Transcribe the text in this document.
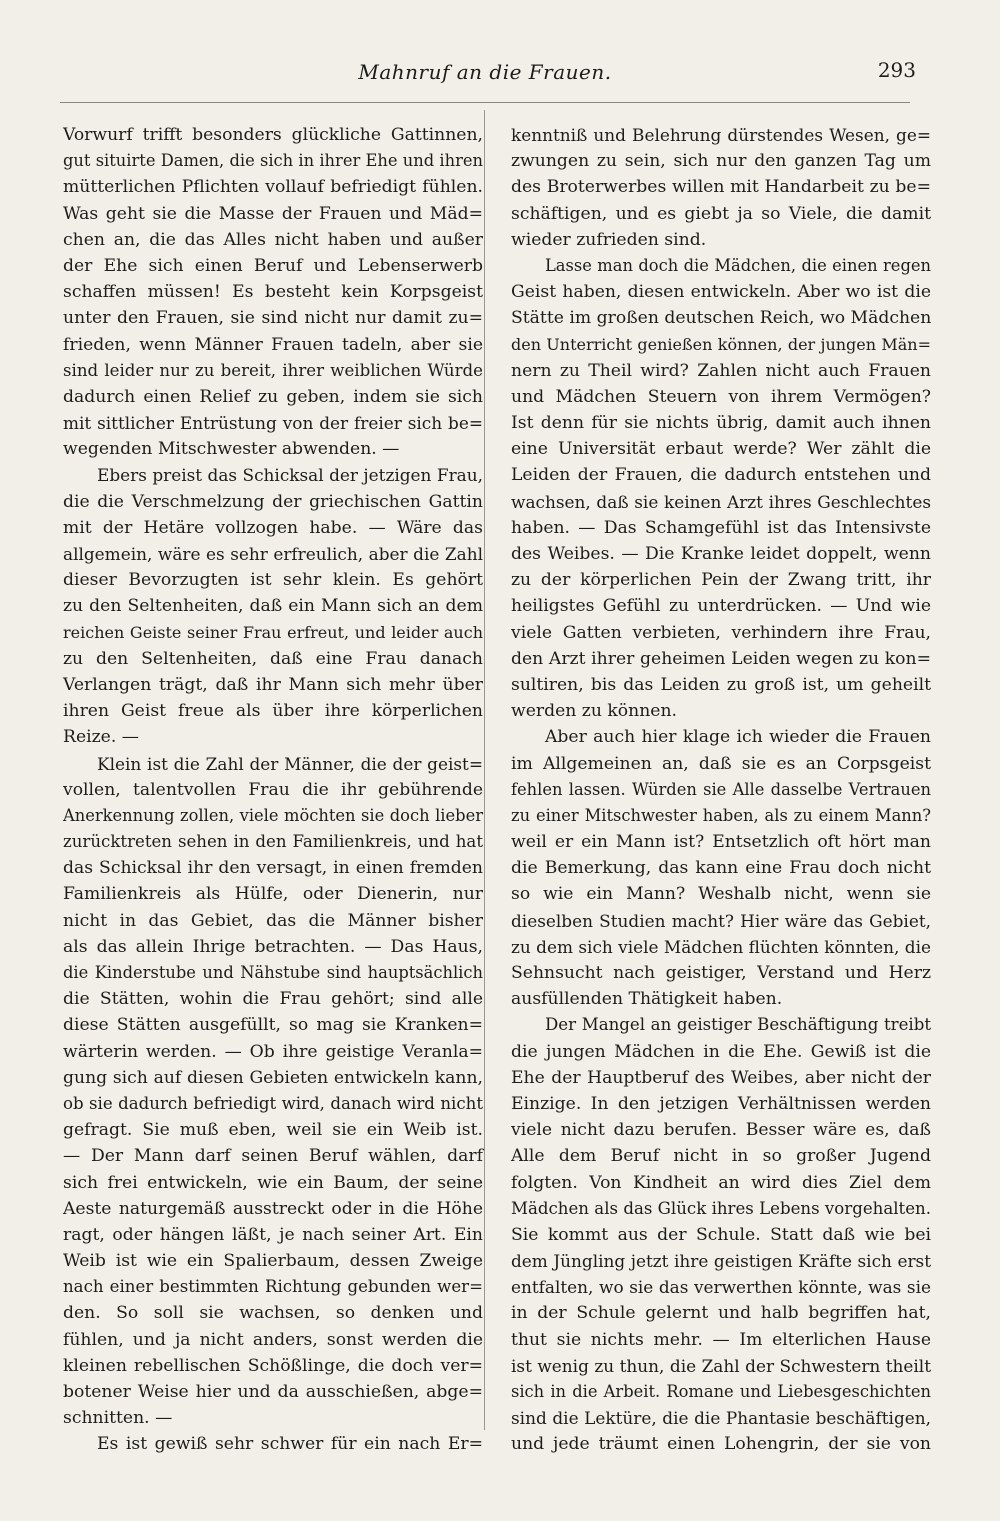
Mahnruf an die Frauen.	293
Vorwurf trifft besonders glückliche Gattinnen,
gut situirte Damen, die sich in ihrer Ehe und ihren
mütterlichen Pflichten vollauf befriedigt fühlen.
Was geht sie die Masse der Frauen und Mäd=
chen an, die das Alles nicht haben und außer
der Ehe sich einen Beruf und Lebenserwerb
schaffen müssen! Es besteht kein Korpsgeist
unter den Frauen, sie sind nicht nur damit zu=
frieden, wenn Männer Frauen tadeln, aber sie
sind leider nur zu bereit, ihrer weiblichen Würde
dadurch einen Relief zu geben, indem sie sich
mit sittlicher Entrüstung von der freier sich be=
wegenden Mitschwester abwenden. —
Ebers preist das Schicksal der jetzigen Frau,
die die Verschmelzung der griechischen Gattin
mit der Hetäre vollzogen habe. — Wäre das
allgemein, wäre es sehr erfreulich, aber die Zahl
dieser Bevorzugten ist sehr klein. Es gehört
zu den Seltenheiten, daß ein Mann sich an dem
reichen Geiste seiner Frau erfreut, und leider auch
zu den Seltenheiten, daß eine Frau danach
Verlangen trägt, daß ihr Mann sich mehr über
ihren Geist freue als über ihre körperlichen
Reize. —
Klein ist die Zahl der Männer, die der geist=
vollen, talentvollen Frau die ihr gebührende
Anerkennung zollen, viele möchten sie doch lieber
zurücktreten sehen in den Familienkreis, und hat
das Schicksal ihr den versagt, in einen fremden
Familienkreis als Hülfe, oder Dienerin, nur
nicht in das Gebiet, das die Männer bisher
als das allein Ihrige betrachten. — Das Haus,
die Kinderstube und Nähstube sind hauptsächlich
die Stätten, wohin die Frau gehört; sind alle
diese Stätten ausgefüllt, so mag sie Kranken=
wärterin werden. — Ob ihre geistige Veranla=
gung sich auf diesen Gebieten entwickeln kann,
ob sie dadurch befriedigt wird, danach wird nicht
gefragt. Sie muß eben, weil sie ein Weib ist.
— Der Mann darf seinen Beruf wählen, darf
sich frei entwickeln, wie ein Baum, der seine
Aeste naturgemäß ausstreckt oder in die Höhe
ragt, oder hängen läßt, je nach seiner Art. Ein
Weib ist wie ein Spalierbaum, dessen Zweige
nach einer bestimmten Richtung gebunden wer=
den. So soll sie wachsen, so denken und
fühlen, und ja nicht anders, sonst werden die
kleinen rebellischen Schößlinge, die doch ver=
botener Weise hier und da ausschießen, abge=
schnitten. —
Es ist gewiß sehr schwer für ein nach Er=
kenntniß und Belehrung dürstendes Wesen, ge=
zwungen zu sein, sich nur den ganzen Tag um
des Broterwerbes willen mit Handarbeit zu be=
schäftigen, und es giebt ja so Viele, die damit
wieder zufrieden sind.
Lasse man doch die Mädchen, die einen regen
Geist haben, diesen entwickeln. Aber wo ist die
Stätte im großen deutschen Reich, wo Mädchen
den Unterricht genießen können, der jungen Män=
nern zu Theil wird? Zahlen nicht auch Frauen
und Mädchen Steuern von ihrem Vermögen?
Ist denn für sie nichts übrig, damit auch ihnen
eine Universität erbaut werde? Wer zählt die
Leiden der Frauen, die dadurch entstehen und
wachsen, daß sie keinen Arzt ihres Geschlechtes
haben. — Das Schamgefühl ist das Intensivste
des Weibes. — Die Kranke leidet doppelt, wenn
zu der körperlichen Pein der Zwang tritt, ihr
heiligstes Gefühl zu unterdrücken. — Und wie
viele Gatten verbieten, verhindern ihre Frau,
den Arzt ihrer geheimen Leiden wegen zu kon=
sultiren, bis das Leiden zu groß ist, um geheilt
werden zu können.
Aber auch hier klage ich wieder die Frauen
im Allgemeinen an, daß sie es an Corpsgeist
fehlen lassen. Würden sie Alle dasselbe Vertrauen
zu einer Mitschwester haben, als zu einem Mann?
weil er ein Mann ist? Entsetzlich oft hört man
die Bemerkung, das kann eine Frau doch nicht
so wie ein Mann? Weshalb nicht, wenn sie
dieselben Studien macht? Hier wäre das Gebiet,
zu dem sich viele Mädchen flüchten könnten, die
Sehnsucht nach geistiger, Verstand und Herz
ausfüllenden Thätigkeit haben.
Der Mangel an geistiger Beschäftigung treibt
die jungen Mädchen in die Ehe. Gewiß ist die
Ehe der Hauptberuf des Weibes, aber nicht der
Einzige. In den jetzigen Verhältnissen werden
viele nicht dazu berufen. Besser wäre es, daß
Alle dem Beruf nicht in so großer Jugend
folgten. Von Kindheit an wird dies Ziel dem
Mädchen als das Glück ihres Lebens vorgehalten.
Sie kommt aus der Schule. Statt daß wie bei
dem Jüngling jetzt ihre geistigen Kräfte sich erst
entfalten, wo sie das verwerthen könnte, was sie
in der Schule gelernt und halb begriffen hat,
thut sie nichts mehr. — Im elterlichen Hause
ist wenig zu thun, die Zahl der Schwestern theilt
sich in die Arbeit. Romane und Liebesgeschichten
sind die Lektüre, die die Phantasie beschäftigen,
und jede träumt einen Lohengrin, der sie von
